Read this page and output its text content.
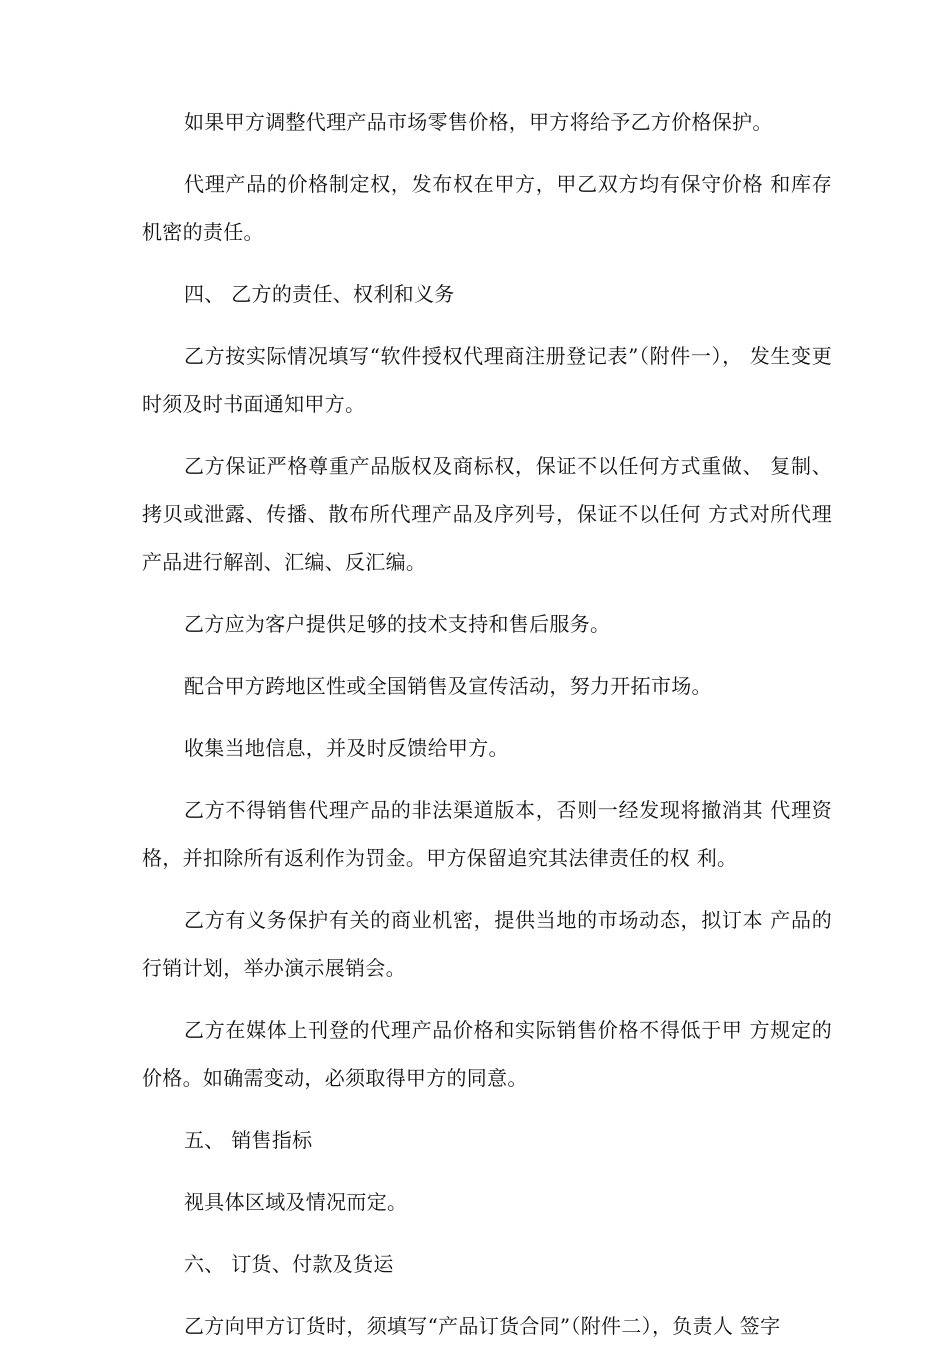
如果甲方调整代理产品市场零售价格，甲方将给予乙方价格保护。

代理产品的价格制定权，发布权在甲方，甲乙双方均有保守价格 和库存机密的责任。

四、 乙方的责任、权利和义务

乙方按实际情况填写“软件授权代理商注册登记表”（附件一）， 发生变更时须及时书面通知甲方。

乙方保证严格尊重产品版权及商标权，保证不以任何方式重做、 复制、拷贝或泄露、传播、散布所代理产品及序列号，保证不以任何 方式对所代理产品进行解剖、汇编、反汇编。

乙方应为客户提供足够的技术支持和售后服务。

配合甲方跨地区性或全国销售及宣传活动，努力开拓市场。

收集当地信息，并及时反馈给甲方。

乙方不得销售代理产品的非法渠道版本，否则一经发现将撤消其 代理资格，并扣除所有返利作为罚金。甲方保留追究其法律责任的权 利。

乙方有义务保护有关的商业机密，提供当地的市场动态，拟订本 产品的行销计划，举办演示展销会。

乙方在媒体上刊登的代理产品价格和实际销售价格不得低于甲 方规定的价格。如确需变动，必须取得甲方的同意。

五、 销售指标

视具体区域及情况而定。

六、 订货、付款及货运

乙方向甲方订货时，须填写“产品订货合同”（附件二），负责人 签字
